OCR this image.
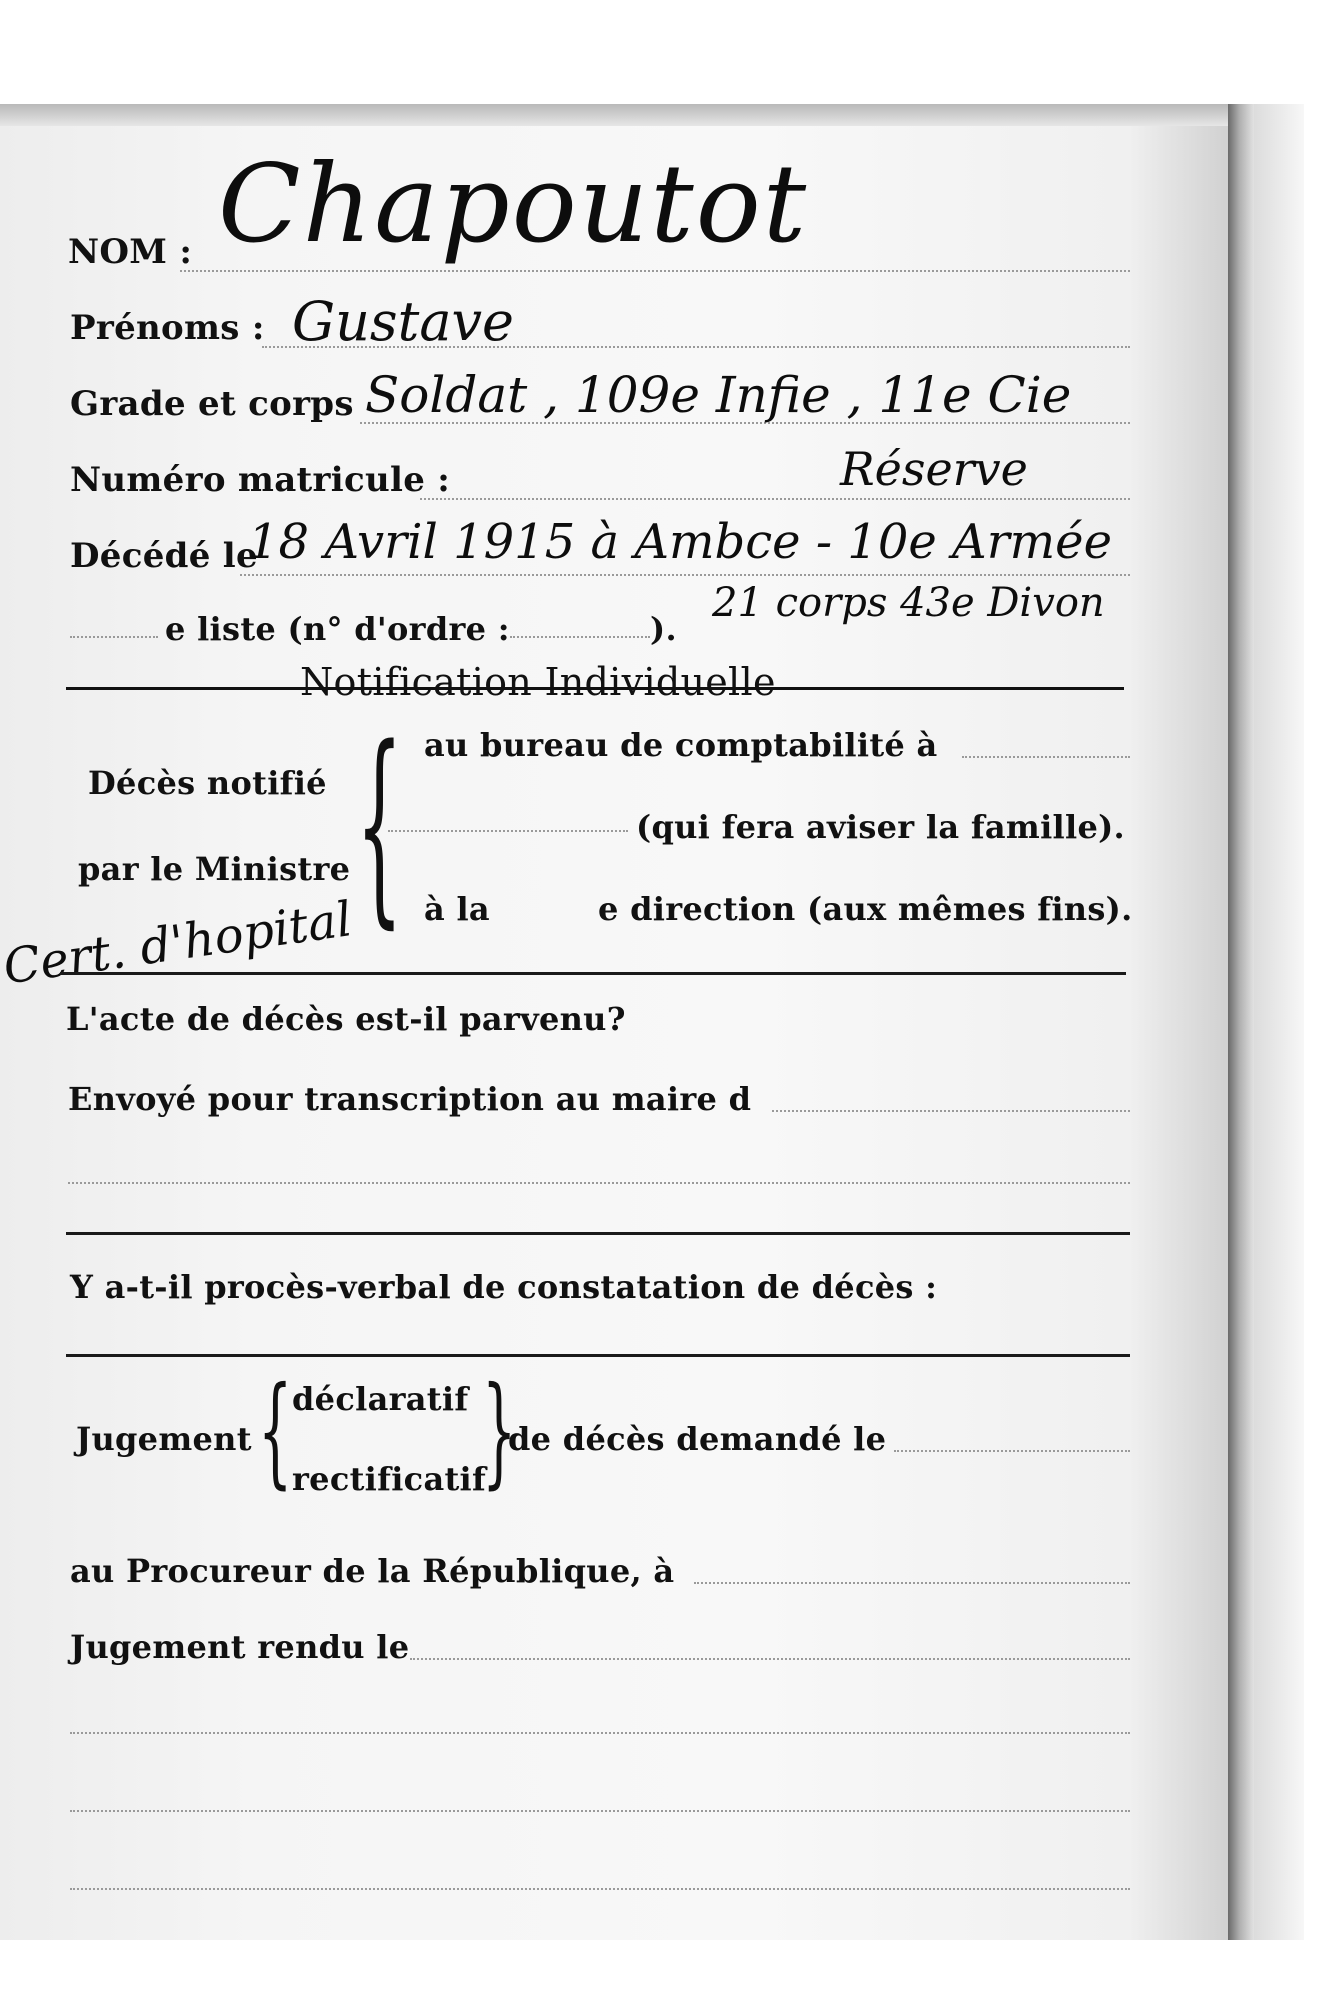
NOM : Chapoutot
Prénoms : Gustave
Grade et corps Soldat , 109e Infie , 11e Cie
Numéro matricule :	Réserve
Décédé le
18 Avril 1915 à Ambce - 10e Armée
21 corps 43e Divon
e liste (n° d'ordre :	).
Notification Individuelle
Décès notifié
par le Ministre { au bureau de comptabilité à
(qui fera aviser la famille).
à la	e direction (aux mêmes fins).
Cert. d'hopital
L'acte de décès est-il parvenu?
Envoyé pour transcription au maire d
Y a-t-il procès-verbal de constatation de décès :
Jugement { déclaratif
rectificatif
}
de décès demandé le
au Procureur de la République, à
Jugement rendu le
